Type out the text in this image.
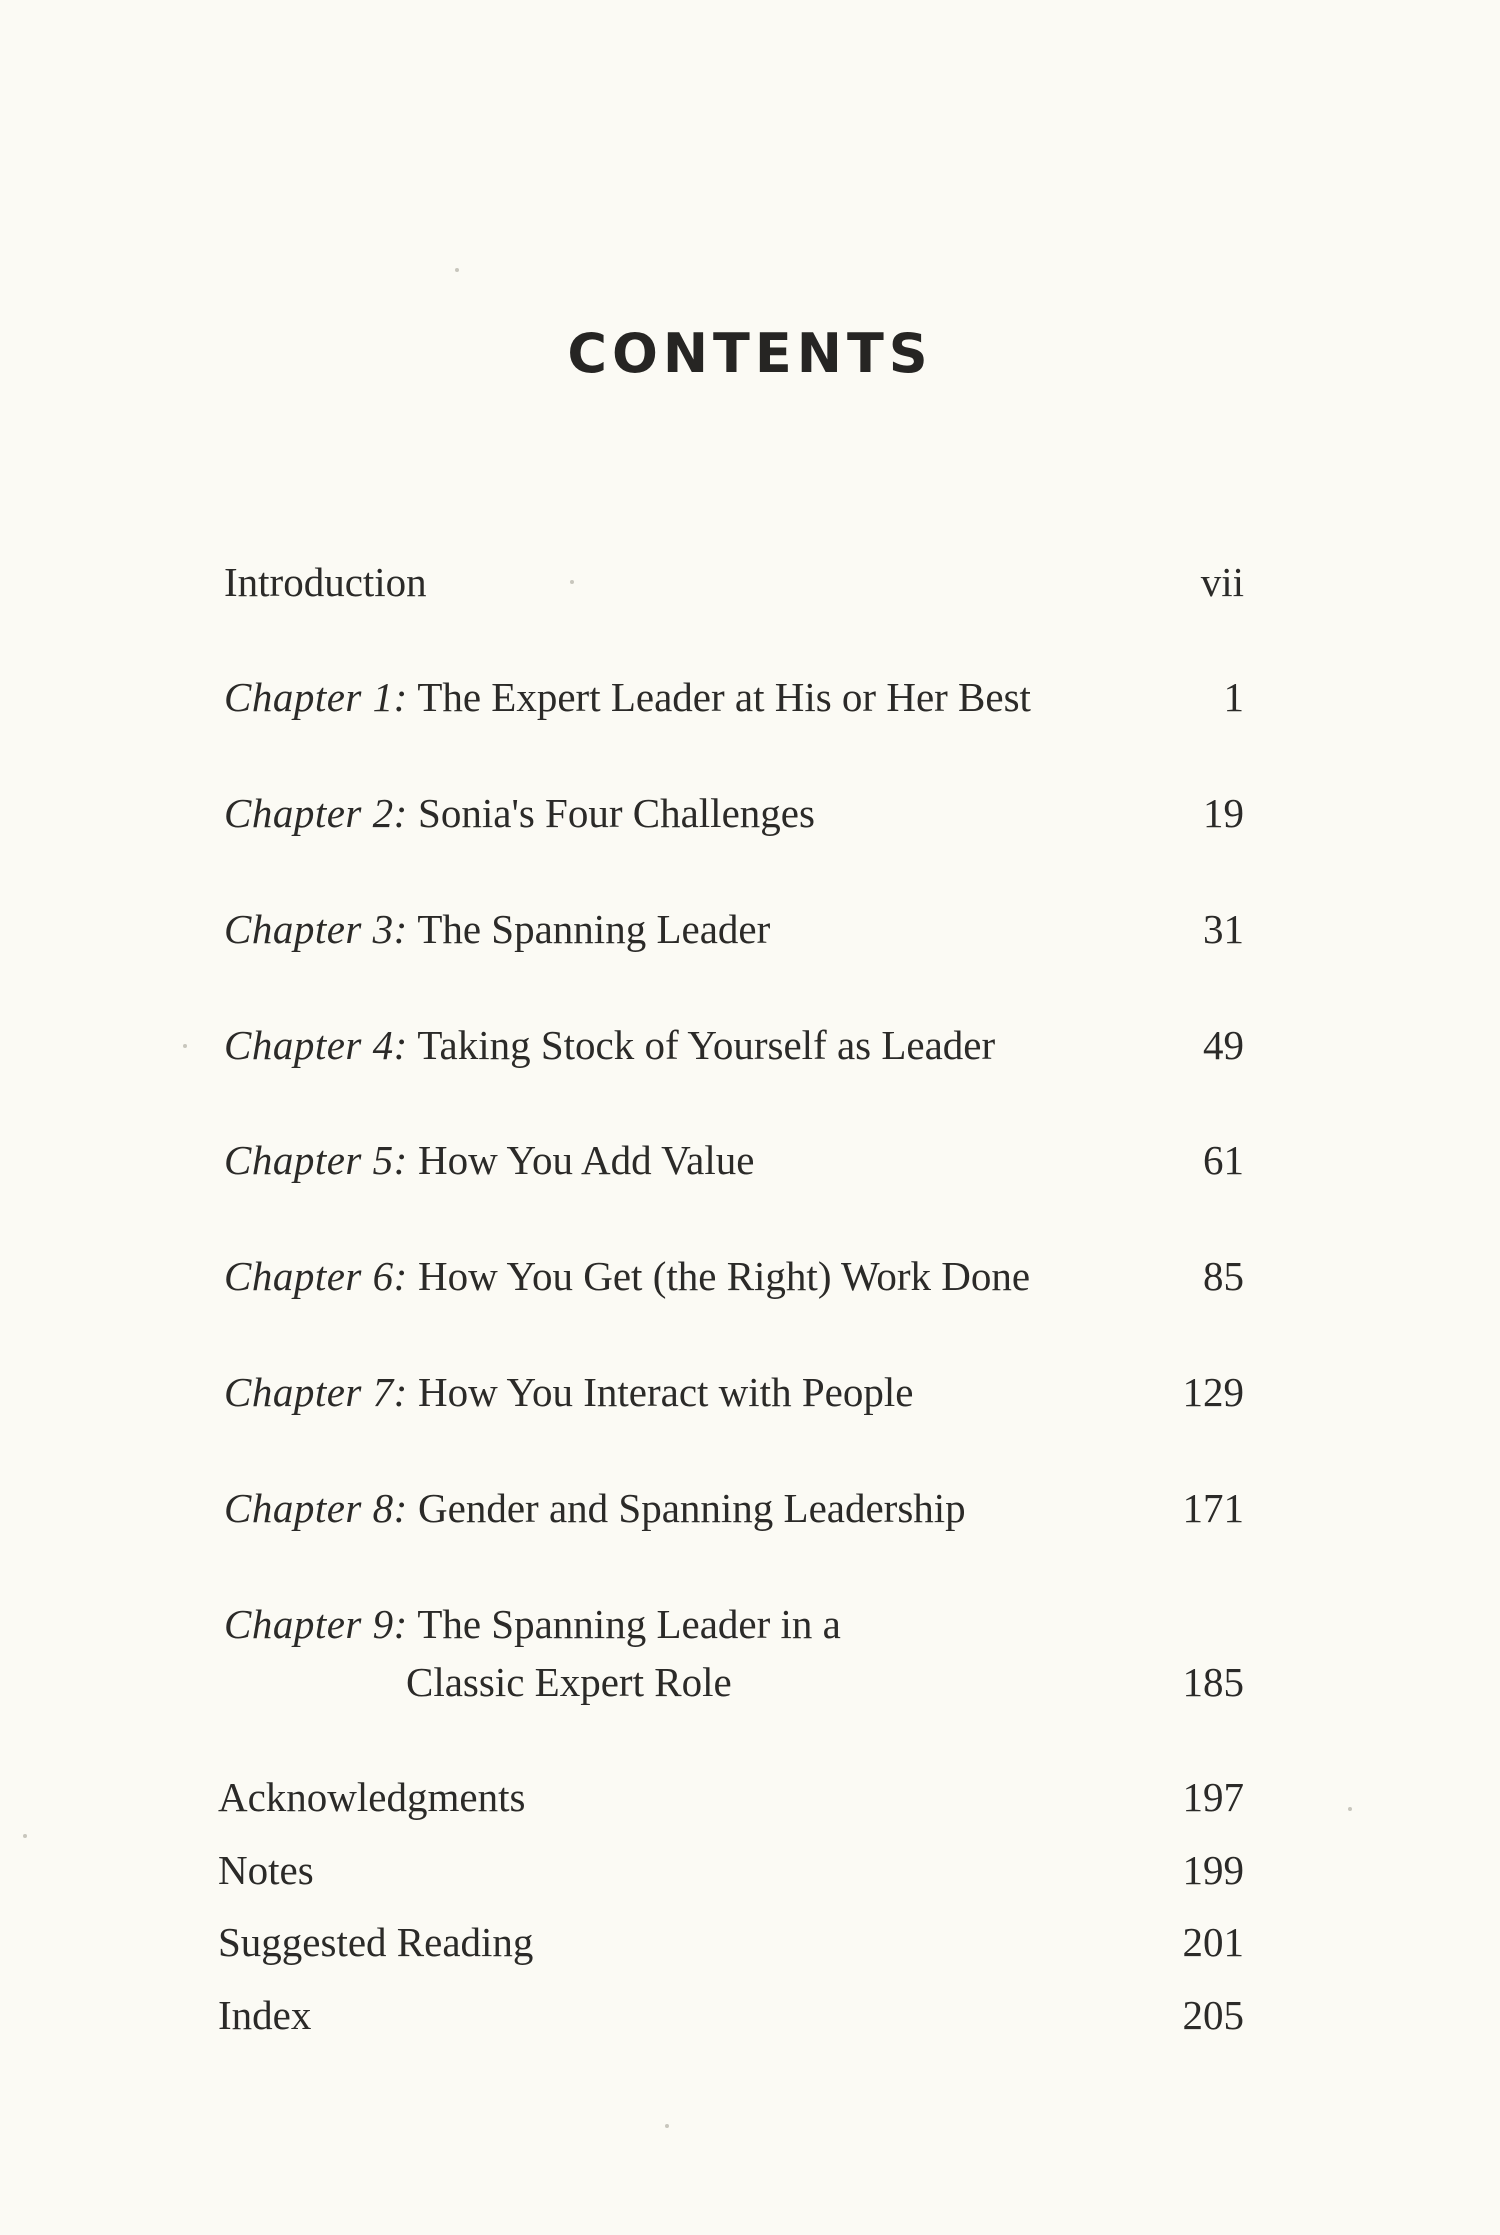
CONTENTS
Introduction	vii
Chapter 1: The Expert Leader at His or Her Best	1
Chapter 2: Sonia's Four Challenges	19
Chapter 3: The Spanning Leader	31
Chapter 4: Taking Stock of Yourself as Leader	49
Chapter 5: How You Add Value	61
Chapter 6: How You Get (the Right) Work Done	85
Chapter 7: How You Interact with People	129
Chapter 8: Gender and Spanning Leadership	171
Chapter 9: The Spanning Leader in a
Classic Expert Role	185
Acknowledgments	197
Notes	199
Suggested Reading	201
Index	205
